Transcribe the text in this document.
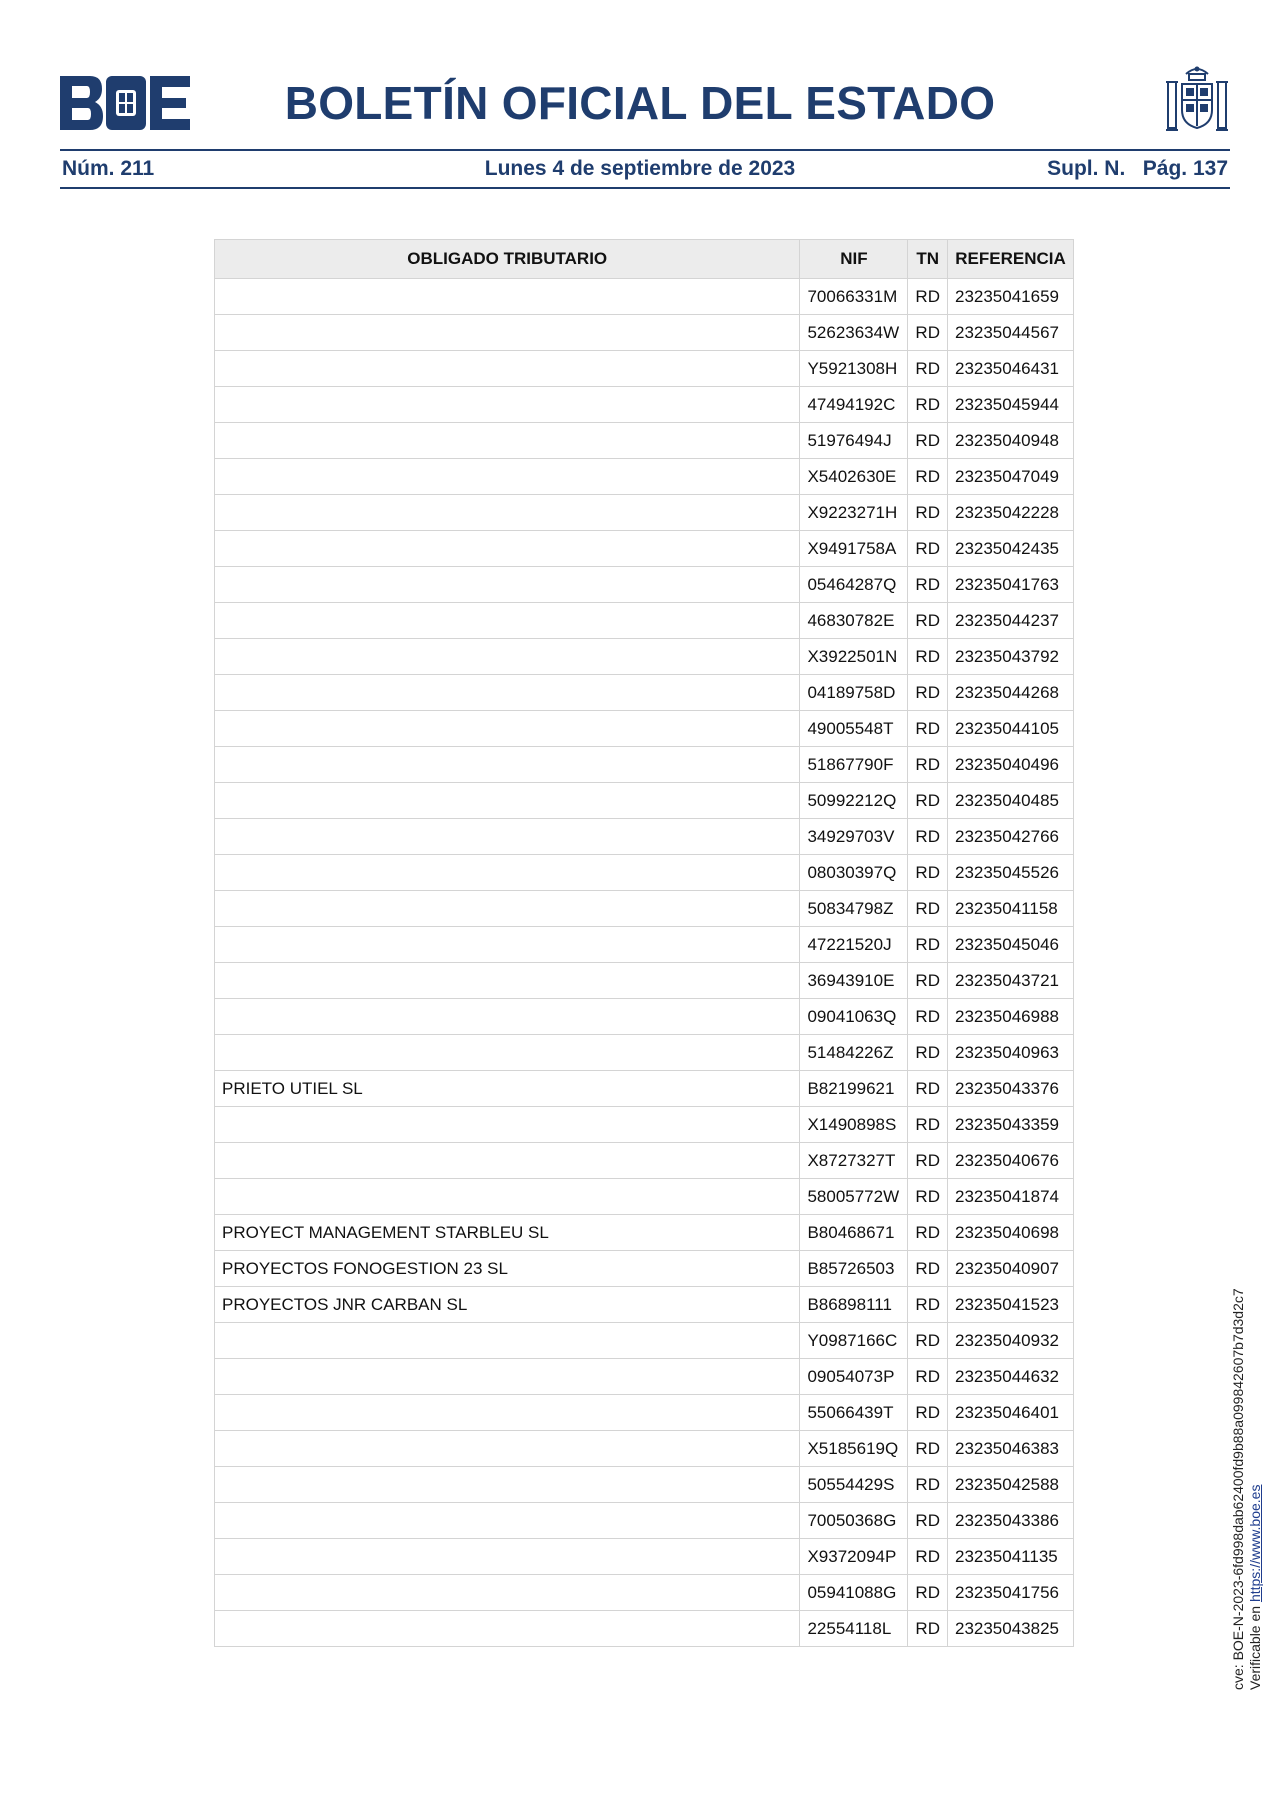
BOLETÍN OFICIAL DEL ESTADO
Núm. 211	Lunes 4 de septiembre de 2023	Supl. N.   Pág. 137
OBLIGADO TRIBUTARIO	NIF	TN	REFERENCIA
	70066331M	RD	23235041659
	52623634W	RD	23235044567
	Y5921308H	RD	23235046431
	47494192C	RD	23235045944
	51976494J	RD	23235040948
	X5402630E	RD	23235047049
	X9223271H	RD	23235042228
	X9491758A	RD	23235042435
	05464287Q	RD	23235041763
	46830782E	RD	23235044237
	X3922501N	RD	23235043792
	04189758D	RD	23235044268
	49005548T	RD	23235044105
	51867790F	RD	23235040496
	50992212Q	RD	23235040485
	34929703V	RD	23235042766
	08030397Q	RD	23235045526
	50834798Z	RD	23235041158
	47221520J	RD	23235045046
	36943910E	RD	23235043721
	09041063Q	RD	23235046988
	51484226Z	RD	23235040963
PRIETO UTIEL SL	B82199621	RD	23235043376
	X1490898S	RD	23235043359
	X8727327T	RD	23235040676
	58005772W	RD	23235041874
PROYECT MANAGEMENT STARBLEU SL	B80468671	RD	23235040698
PROYECTOS FONOGESTION 23 SL	B85726503	RD	23235040907
PROYECTOS JNR CARBAN SL	B86898111	RD	23235041523
	Y0987166C	RD	23235040932
	09054073P	RD	23235044632
	55066439T	RD	23235046401
	X5185619Q	RD	23235046383
	50554429S	RD	23235042588
	70050368G	RD	23235043386
	X9372094P	RD	23235041135
	05941088G	RD	23235041756
	22554118L	RD	23235043825	cve: BOE-N-2023-6fd998dab62400fd9b88a099842607b7d3d2c7 Verificable en https://www.boe.es
